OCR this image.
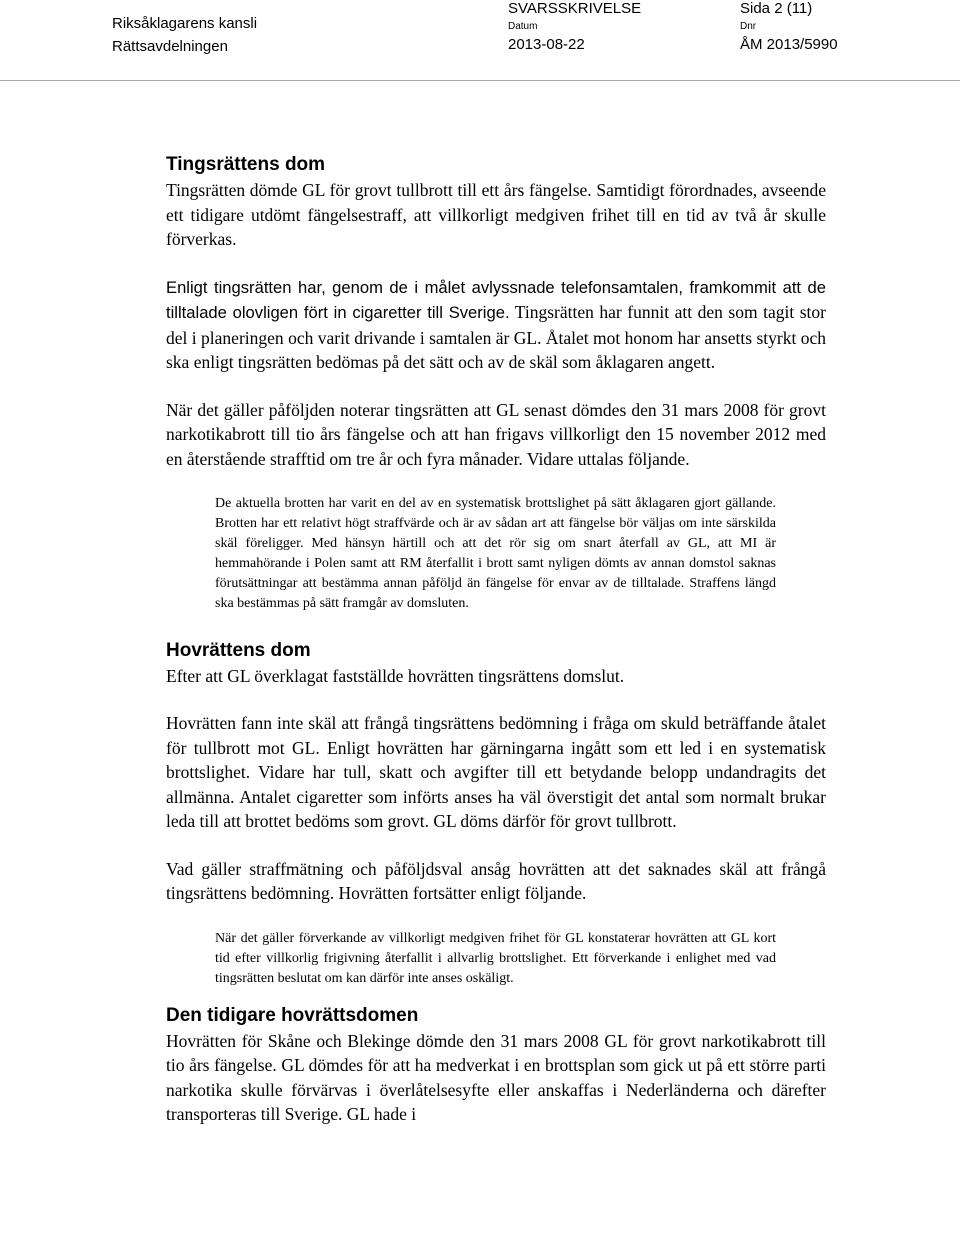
Riksåklagarens kansli
Rättsavdelningen
SVARSSKRIVELSE	Sida 2 (11)
Datum
2013-08-22
Dnr
ÅM 2013/5990
Tingsrättens dom

Tingsrätten dömde GL för grovt tullbrott till ett års fängelse. Samtidigt förordnades, avseende ett tidigare utdömt fängelsestraff, att villkorligt medgiven frihet till en tid av två år skulle förverkas.

Enligt tingsrätten har, genom de i målet avlyssnade telefonsamtalen, framkommit att de tilltalade olovligen fört in cigaretter till Sverige. Tingsrätten har funnit att den som tagit stor del i planeringen och varit drivande i samtalen är GL. Åtalet mot honom har ansetts styrkt och ska enligt tingsrätten bedömas på det sätt och av de skäl som åklagaren angett.

När det gäller påföljden noterar tingsrätten att GL senast dömdes den 31 mars 2008 för grovt narkotikabrott till tio års fängelse och att han frigavs villkorligt den 15 november 2012 med en återstående strafftid om tre år och fyra månader. Vidare uttalas följande.

De aktuella brotten har varit en del av en systematisk brottslighet på sätt åklagaren gjort gällande. Brotten har ett relativt högt straffvärde och är av sådan art att fängelse bör väljas om inte särskilda skäl föreligger. Med hänsyn härtill och att det rör sig om snart återfall av GL, att MI är hemmahörande i Polen samt att RM återfallit i brott samt nyligen dömts av annan domstol saknas förutsättningar att bestämma annan påföljd än fängelse för envar av de tilltalade. Straffens längd ska bestämmas på sätt framgår av domsluten.

Hovrättens dom

Efter att GL överklagat fastställde hovrätten tingsrättens domslut.

Hovrätten fann inte skäl att frångå tingsrättens bedömning i fråga om skuld beträffande åtalet för tullbrott mot GL. Enligt hovrätten har gärningarna ingått som ett led i en systematisk brottslighet. Vidare har tull, skatt och avgifter till ett betydande belopp undandragits det allmänna. Antalet cigaretter som införts anses ha väl överstigit det antal som normalt brukar leda till att brottet bedöms som grovt. GL döms därför för grovt tullbrott.

Vad gäller straffmätning och påföljdsval ansåg hovrätten att det saknades skäl att frångå tingsrättens bedömning. Hovrätten fortsätter enligt följande.

När det gäller förverkande av villkorligt medgiven frihet för GL konstaterar hovrätten att GL kort tid efter villkorlig frigivning återfallit i allvarlig brottslighet. Ett förverkande i enlighet med vad tingsrätten beslutat om kan därför inte anses oskäligt.

Den tidigare hovrättsdomen

Hovrätten för Skåne och Blekinge dömde den 31 mars 2008 GL för grovt narkotikabrott till tio års fängelse. GL dömdes för att ha medverkat i en brottsplan som gick ut på ett större parti narkotika skulle förvärvas i överlåtelsesyfte eller anskaffas i Nederländerna och därefter transporteras till Sverige. GL hade i
